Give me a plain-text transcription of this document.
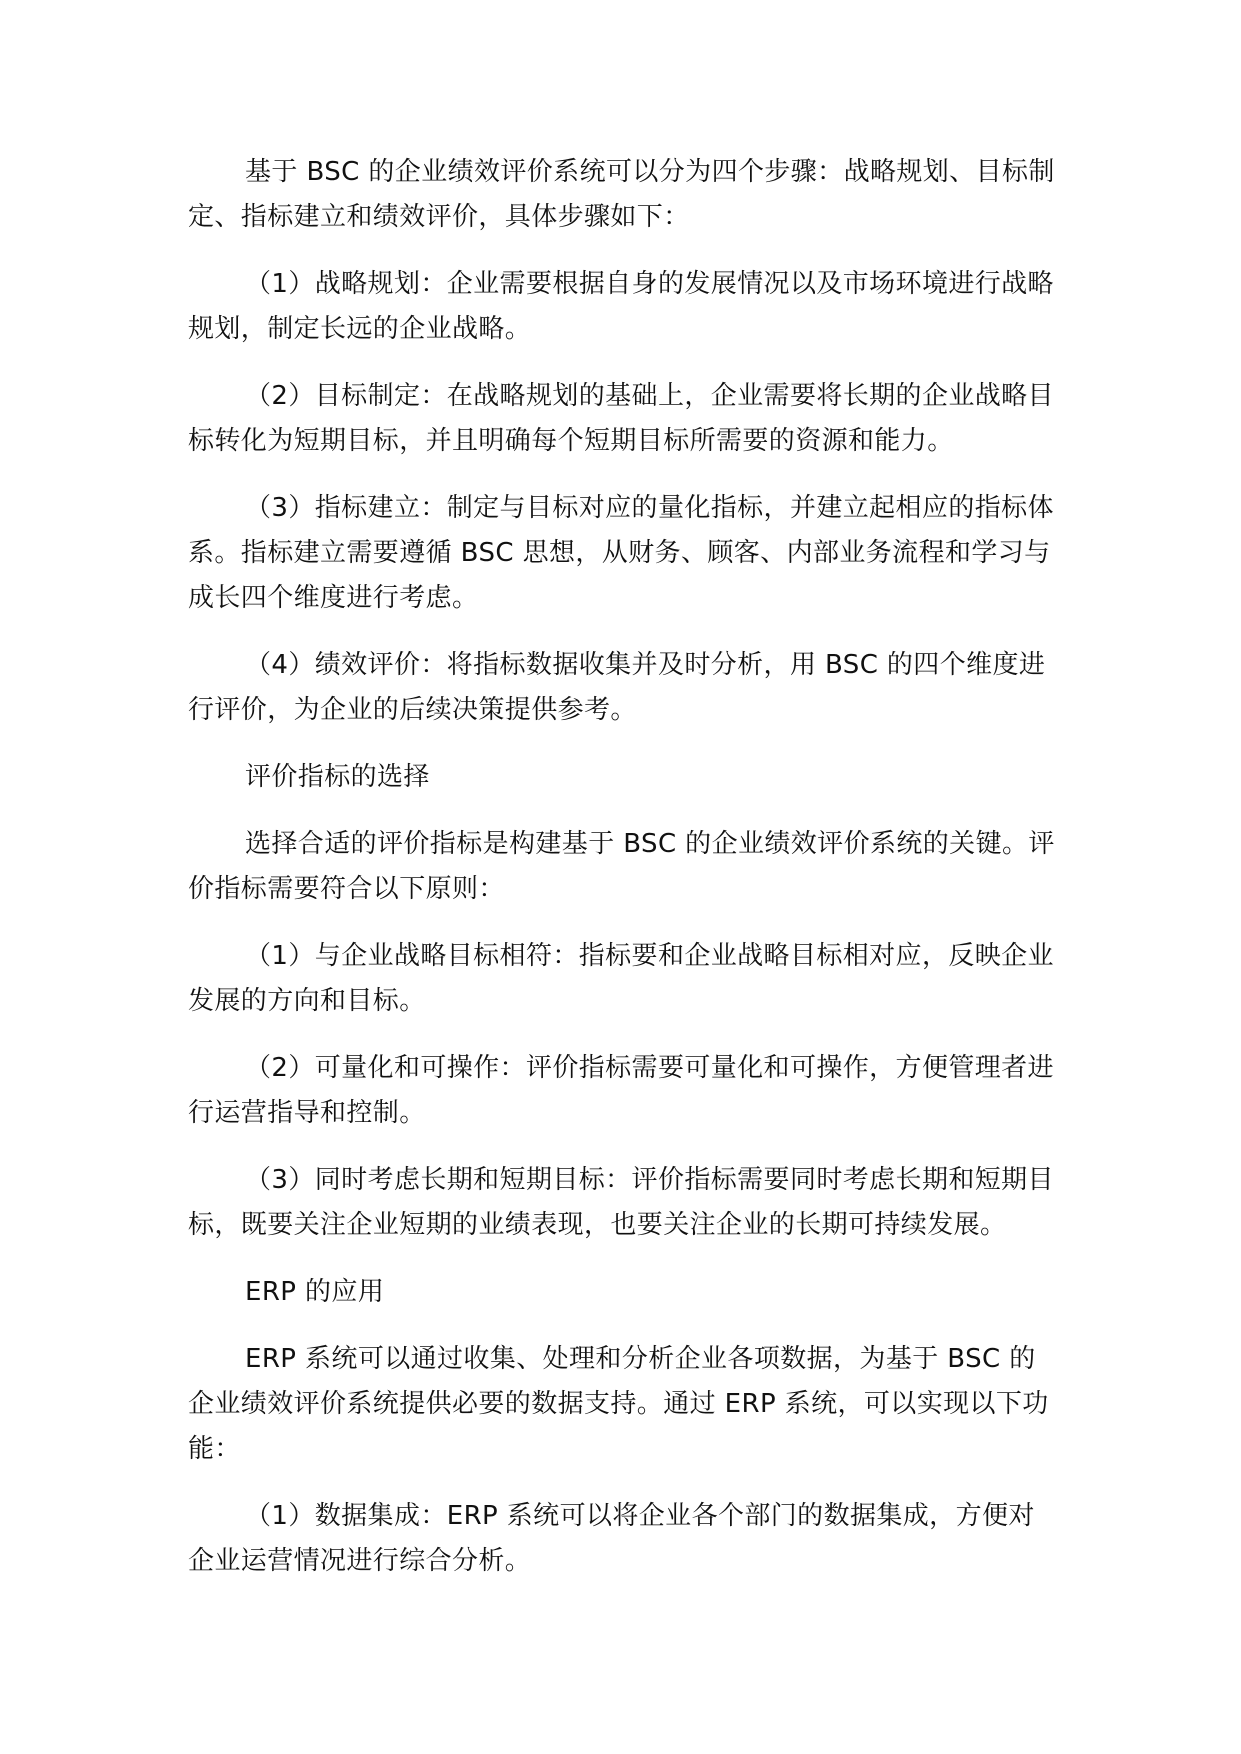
基于 BSC 的企业绩效评价系统可以分为四个步骤：战略规划、目标制定、指标建立和绩效评价，具体步骤如下：

（1）战略规划：企业需要根据自身的发展情况以及市场环境进行战略规划，制定长远的企业战略。

（2）目标制定：在战略规划的基础上，企业需要将长期的企业战略目标转化为短期目标，并且明确每个短期目标所需要的资源和能力。

（3）指标建立：制定与目标对应的量化指标，并建立起相应的指标体系。指标建立需要遵循 BSC 思想，从财务、顾客、内部业务流程和学习与成长四个维度进行考虑。

（4）绩效评价：将指标数据收集并及时分析，用 BSC 的四个维度进行评价，为企业的后续决策提供参考。

评价指标的选择

选择合适的评价指标是构建基于 BSC 的企业绩效评价系统的关键。评价指标需要符合以下原则：

（1）与企业战略目标相符：指标要和企业战略目标相对应，反映企业发展的方向和目标。

（2）可量化和可操作：评价指标需要可量化和可操作，方便管理者进行运营指导和控制。

（3）同时考虑长期和短期目标：评价指标需要同时考虑长期和短期目标，既要关注企业短期的业绩表现，也要关注企业的长期可持续发展。

ERP 的应用

ERP 系统可以通过收集、处理和分析企业各项数据，为基于 BSC 的企业绩效评价系统提供必要的数据支持。通过 ERP 系统，可以实现以下功能：

（1）数据集成：ERP 系统可以将企业各个部门的数据集成，方便对企业运营情况进行综合分析。
